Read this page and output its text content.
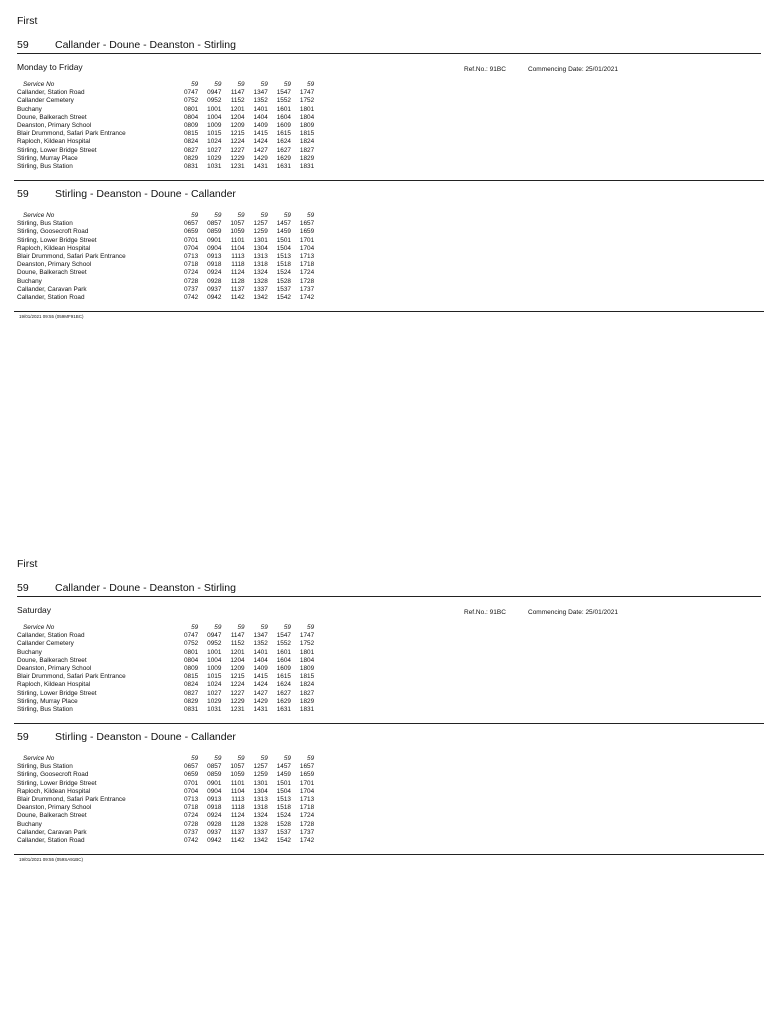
First
59	Callander - Doune - Deanston - Stirling
Monday to Friday	Ref.No.: 91BC	Commencing Date: 25/01/2021
Service No	59	59	59	59	59	59
Callander, Station Road	0747	0947	1147	1347	1547	1747
Callander Cemetery	0752	0952	1152	1352	1552	1752
Buchany	0801	1001	1201	1401	1601	1801
Doune, Balkerach Street	0804	1004	1204	1404	1604	1804
Deanston, Primary School	0809	1009	1209	1409	1609	1809
Blair Drummond, Safari Park Entrance	0815	1015	1215	1415	1615	1815
Raploch, Kildean Hospital	0824	1024	1224	1424	1624	1824
Stirling, Lower Bridge Street	0827	1027	1227	1427	1627	1827
Stirling, Murray Place	0829	1029	1229	1429	1629	1829
Stirling, Bus Station	0831	1031	1231	1431	1631	1831
59	Stirling - Deanston - Doune - Callander
Service No	59	59	59	59	59	59
Stirling, Bus Station	0657	0857	1057	1257	1457	1657
Stirling, Goosecroft Road	0659	0859	1059	1259	1459	1659
Stirling, Lower Bridge Street	0701	0901	1101	1301	1501	1701
Raploch, Kildean Hospital	0704	0904	1104	1304	1504	1704
Blair Drummond, Safari Park Entrance	0713	0913	1113	1313	1513	1713
Deanston, Primary School	0718	0918	1118	1318	1518	1718
Doune, Balkerach Street	0724	0924	1124	1324	1524	1724
Buchany	0728	0928	1128	1328	1528	1728
Callander, Caravan Park	0737	0937	1137	1337	1537	1737
Callander, Station Road	0742	0942	1142	1342	1542	1742
19/01/2021 09:55 (059MF91BC)
First
59	Callander - Doune - Deanston - Stirling
Saturday	Ref.No.: 91BC	Commencing Date: 25/01/2021
Service No	59	59	59	59	59	59
Callander, Station Road	0747	0947	1147	1347	1547	1747
Callander Cemetery	0752	0952	1152	1352	1552	1752
Buchany	0801	1001	1201	1401	1601	1801
Doune, Balkerach Street	0804	1004	1204	1404	1604	1804
Deanston, Primary School	0809	1009	1209	1409	1609	1809
Blair Drummond, Safari Park Entrance	0815	1015	1215	1415	1615	1815
Raploch, Kildean Hospital	0824	1024	1224	1424	1624	1824
Stirling, Lower Bridge Street	0827	1027	1227	1427	1627	1827
Stirling, Murray Place	0829	1029	1229	1429	1629	1829
Stirling, Bus Station	0831	1031	1231	1431	1631	1831
59	Stirling - Deanston - Doune - Callander
Service No	59	59	59	59	59	59
Stirling, Bus Station	0657	0857	1057	1257	1457	1657
Stirling, Goosecroft Road	0659	0859	1059	1259	1459	1659
Stirling, Lower Bridge Street	0701	0901	1101	1301	1501	1701
Raploch, Kildean Hospital	0704	0904	1104	1304	1504	1704
Blair Drummond, Safari Park Entrance	0713	0913	1113	1313	1513	1713
Deanston, Primary School	0718	0918	1118	1318	1518	1718
Doune, Balkerach Street	0724	0924	1124	1324	1524	1724
Buchany	0728	0928	1128	1328	1528	1728
Callander, Caravan Park	0737	0937	1137	1337	1537	1737
Callander, Station Road	0742	0942	1142	1342	1542	1742
19/01/2021 09:55 (059SA91BC)
